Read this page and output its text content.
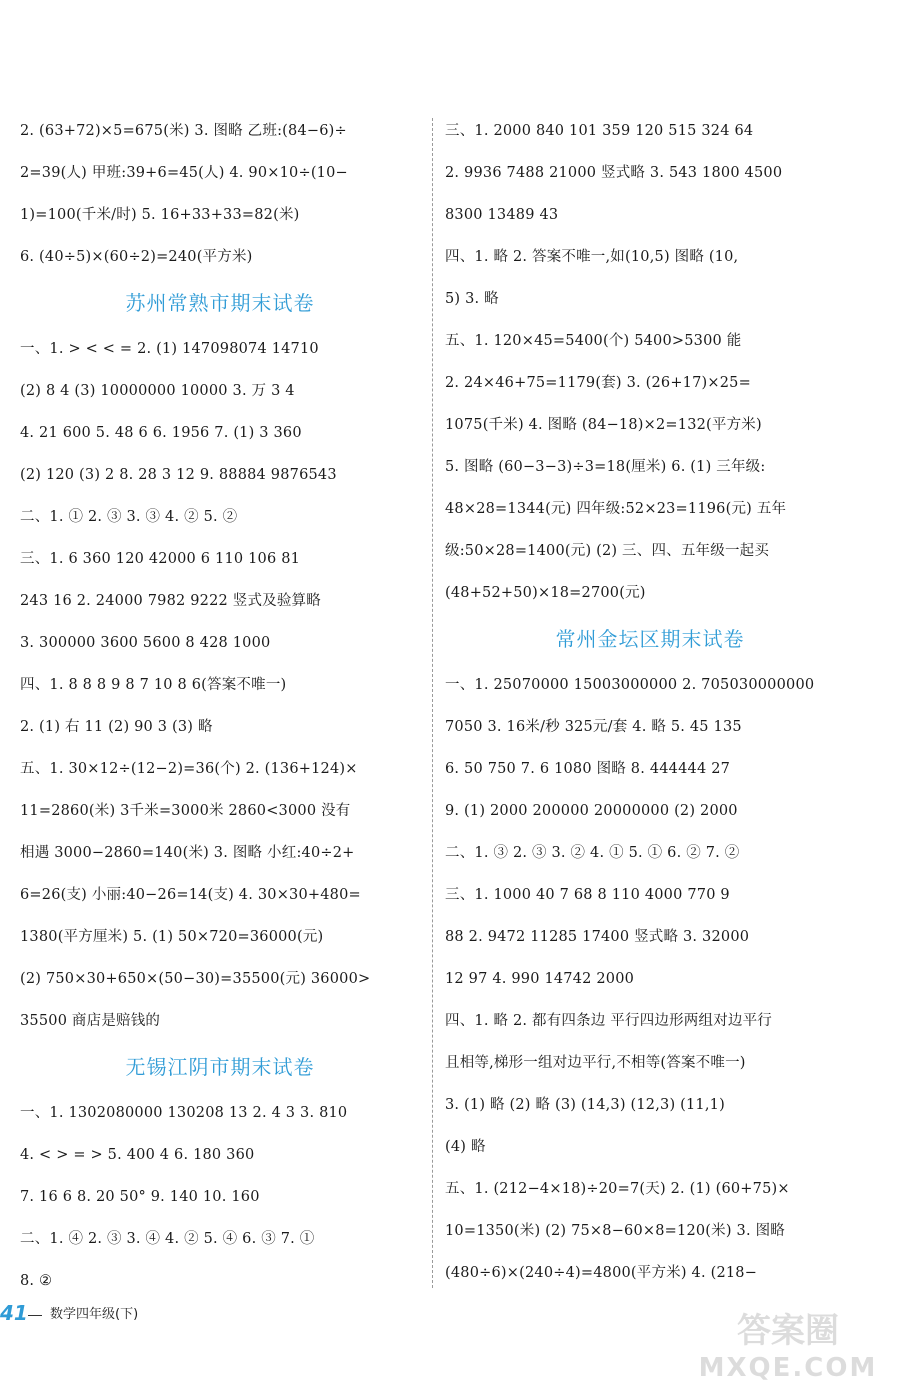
2. (63+72)×5=675(米) 3. 图略 乙班:(84−6)÷
2=39(人) 甲班:39+6=45(人) 4. 90×10÷(10−
1)=100(千米/时) 5. 16+33+33=82(米)
6. (40÷5)×(60÷2)=240(平方米)
苏州常熟市期末试卷
一、1. > < < = 2. (1) 147098074 14710
(2) 8 4 (3) 10000000 10000 3. 万 3 4
4. 21 600 5. 48 6 6. 1956 7. (1) 3 360
(2) 120 (3) 2 8. 28 3 12 9. 88884 9876543
二、1. ① 2. ③ 3. ③ 4. ② 5. ②
三、1. 6 360 120 42000 6 110 106 81
243 16 2. 24000 7982 9222 竖式及验算略
3. 300000 3600 5600 8 428 1000
四、1. 8 8 8 9 8 7 10 8 6(答案不唯一)
2. (1) 右 11 (2) 90 3 (3) 略
五、1. 30×12÷(12−2)=36(个) 2. (136+124)×
11=2860(米) 3千米=3000米 2860<3000 没有
相遇 3000−2860=140(米) 3. 图略 小红:40÷2+
6=26(支) 小丽:40−26=14(支) 4. 30×30+480=
1380(平方厘米) 5. (1) 50×720=36000(元)
(2) 750×30+650×(50−30)=35500(元) 36000>
35500 商店是赔钱的
无锡江阴市期末试卷
一、1. 1302080000 130208 13 2. 4 3 3. 810
4. < > = > 5. 400 4 6. 180 360
7. 16 6 8. 20 50° 9. 140 10. 160
二、1. ④ 2. ③ 3. ④ 4. ② 5. ④ 6. ③ 7. ①
8. ②
三、1. 2000 840 101 359 120 515 324 64
2. 9936 7488 21000 竖式略 3. 543 1800 4500
8300 13489 43
四、1. 略 2. 答案不唯一,如(10,5) 图略 (10,
5) 3. 略
五、1. 120×45=5400(个) 5400>5300 能
2. 24×46+75=1179(套) 3. (26+17)×25=
1075(千米) 4. 图略 (84−18)×2=132(平方米)
5. 图略 (60−3−3)÷3=18(厘米) 6. (1) 三年级:
48×28=1344(元) 四年级:52×23=1196(元) 五年
级:50×28=1400(元) (2) 三、四、五年级一起买
(48+52+50)×18=2700(元)
常州金坛区期末试卷
一、1. 25070000 15003000000 2. 705030000000
7050 3. 16米/秒 325元/套 4. 略 5. 45 135
6. 50 750 7. 6 1080 图略 8. 444444 27
9. (1) 2000 200000 20000000 (2) 2000
二、1. ③ 2. ③ 3. ② 4. ① 5. ① 6. ② 7. ②
三、1. 1000 40 7 68 8 110 4000 770 9
88 2. 9472 11285 17400 竖式略 3. 32000
12 97 4. 990 14742 2000
四、1. 略 2. 都有四条边 平行四边形两组对边平行
且相等,梯形一组对边平行,不相等(答案不唯一)
3. (1) 略 (2) 略 (3) (14,3) (12,3) (11,1)
(4) 略
五、1. (212−4×18)÷20=7(天) 2. (1) (60+75)×
10=1350(米) (2) 75×8−60×8=120(米) 3. 图略
(480÷6)×(240÷4)=4800(平方米) 4. (218−
41 数学四年级(下)	答案圈
MXQE.COM
